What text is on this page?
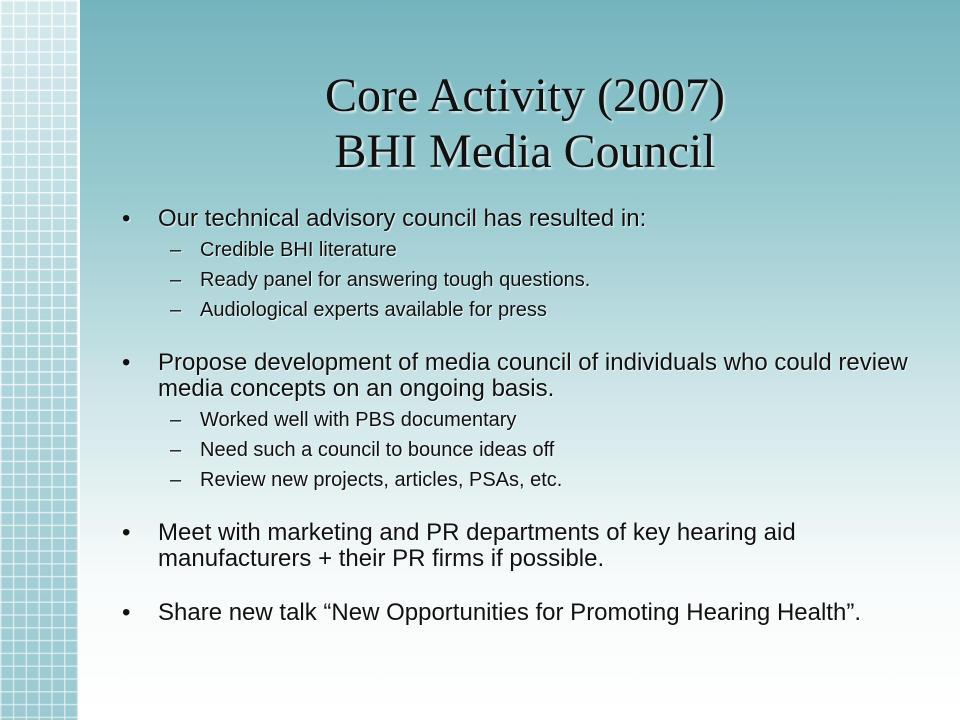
Core Activity (2007)
BHI Media Council
• Our technical advisory council has resulted in:
– Credible BHI literature
– Ready panel for answering tough questions.
– Audiological experts available for press
• Propose development of media council of individuals who could review media concepts on an ongoing basis.
– Worked well with PBS documentary
– Need such a council to bounce ideas off
– Review new projects, articles, PSAs, etc.
• Meet with marketing and PR departments of key hearing aid manufacturers + their PR firms if possible.
• Share new talk “New Opportunities for Promoting Hearing Health”.
